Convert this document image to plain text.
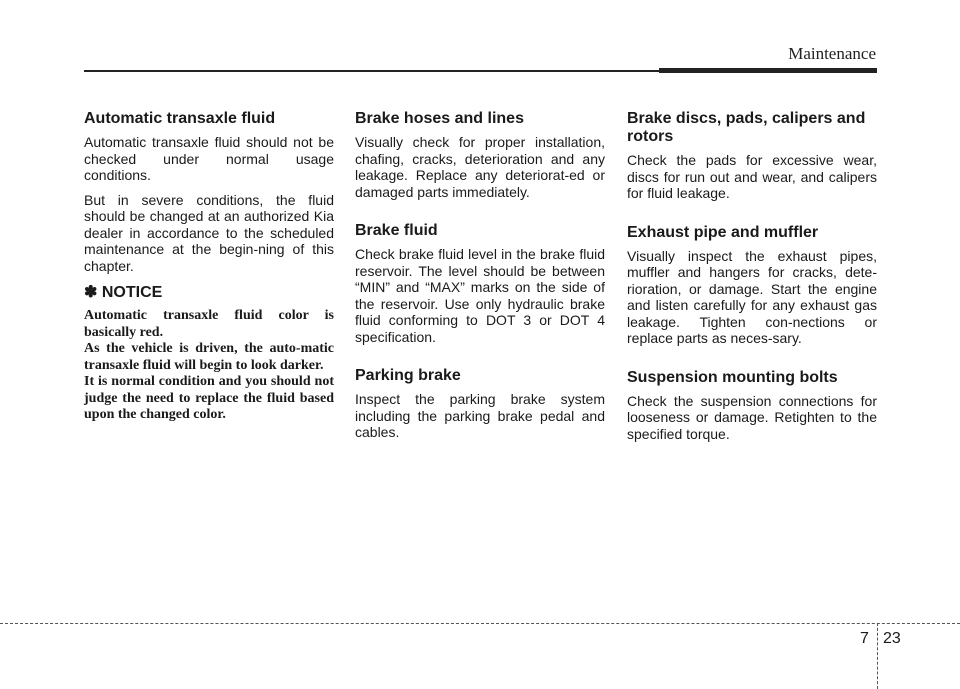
Maintenance
Automatic transaxle fluid

Automatic transaxle fluid should not be checked under normal usage conditions.

But in severe conditions, the fluid should be changed at an authorized Kia dealer in accordance to the scheduled maintenance at the begin-ning of this chapter.

✽ NOTICE

Automatic transaxle fluid color is basically red.

As the vehicle is driven, the auto-matic transaxle fluid will begin to look darker.

It is normal condition and you should not judge the need to replace the fluid based upon the changed color.

Brake hoses and lines

Visually check for proper installation, chafing, cracks, deterioration and any leakage. Replace any deteriorat-ed or damaged parts immediately.

Brake fluid

Check brake fluid level in the brake fluid reservoir. The level should be between “MIN” and “MAX” marks on the side of the reservoir. Use only hydraulic brake fluid conforming to DOT 3 or DOT 4 specification.

Parking brake

Inspect the parking brake system including the parking brake pedal and cables.

Brake discs, pads, calipers and rotors

Check the pads for excessive wear, discs for run out and wear, and calipers for fluid leakage.

Exhaust pipe and muffler

Visually inspect the exhaust pipes, muffler and hangers for cracks, dete-rioration, or damage. Start the engine and listen carefully for any exhaust gas leakage. Tighten con-nections or replace parts as neces-sary.

Suspension mounting bolts

Check the suspension connections for looseness or damage. Retighten to the specified torque.

7 23
